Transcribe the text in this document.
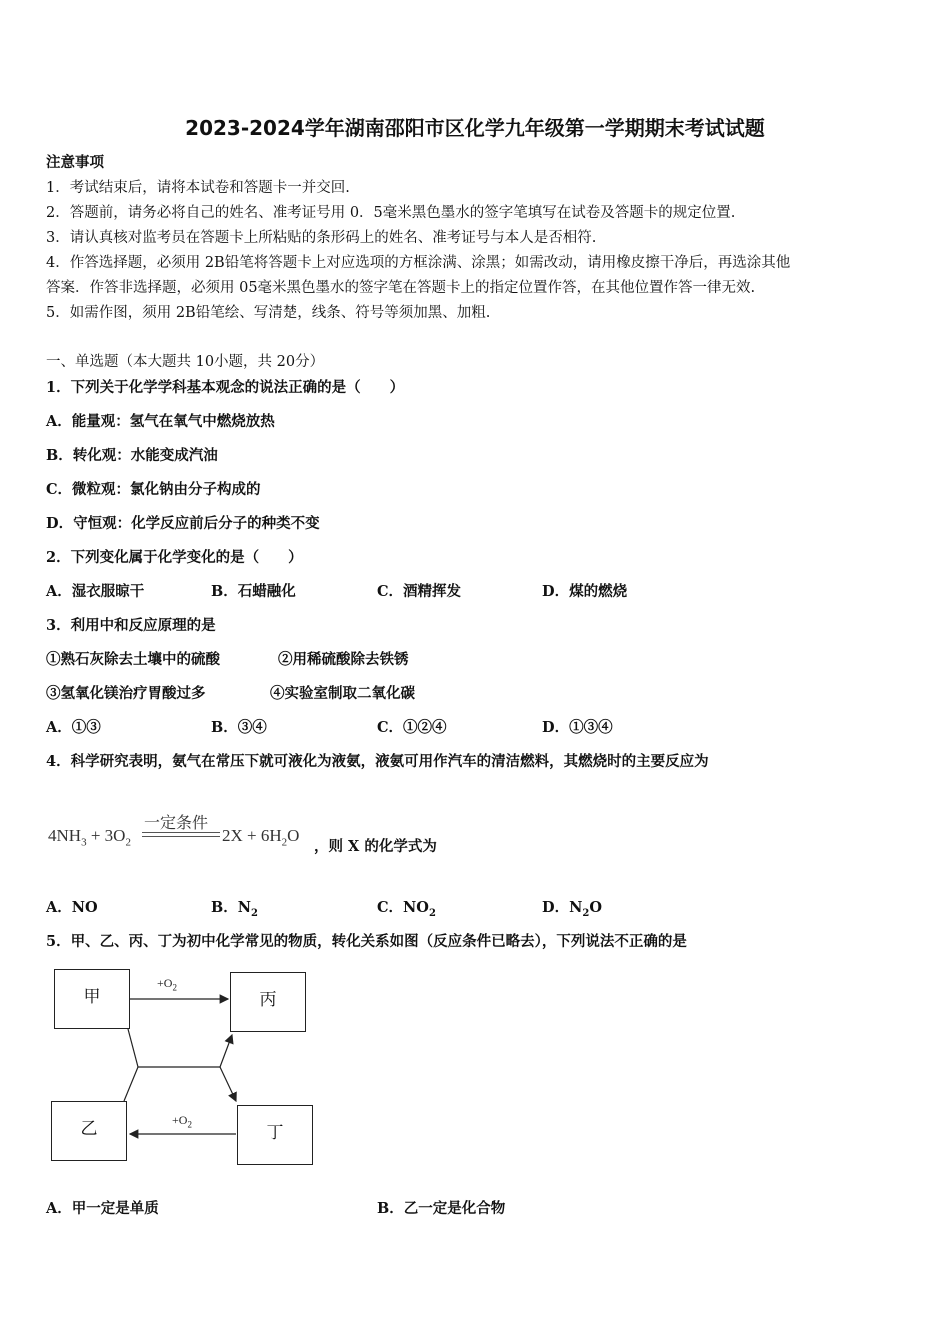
2023-2024学年湖南邵阳市区化学九年级第一学期期末考试试题
注意事项
1．考试结束后，请将本试卷和答题卡一并交回.
2．答题前，请务必将自己的姓名、准考证号用 0．5毫米黑色墨水的签字笔填写在试卷及答题卡的规定位置.
3．请认真核对监考员在答题卡上所粘贴的条形码上的姓名、准考证号与本人是否相符.
4．作答选择题，必须用 2B铅笔将答题卡上对应选项的方框涂满、涂黑；如需改动，请用橡皮擦干净后，再选涂其他
答案．作答非选择题，必须用 05毫米黑色墨水的签字笔在答题卡上的指定位置作答，在其他位置作答一律无效.
5．如需作图，须用 2B铅笔绘、写清楚，线条、符号等须加黑、加粗.
一、单选题（本大题共 10小题，共 20分）
1．下列关于化学学科基本观念的说法正确的是（　　）
A．能量观：氢气在氧气中燃烧放热
B．转化观：水能变成汽油
C．微粒观：氯化钠由分子构成的
D．守恒观：化学反应前后分子的种类不变
2．下列变化属于化学变化的是（　　）
A．湿衣服晾干	B．石蜡融化	C．酒精挥发	D．煤的燃烧
3．利用中和反应原理的是
①熟石灰除去土壤中的硫酸	②用稀硫酸除去铁锈
③氢氧化镁治疗胃酸过多	④实验室制取二氧化碳
A．①③	B．③④	C．①②④	D．①③④
4．科学研究表明，氨气在常压下就可液化为液氨，液氨可用作汽车的清洁燃料，其燃烧时的主要反应为
$4NH_3 + 3O_2$
一定条件
$2X + 6H_2O$
，则 X 的化学式为
A．NO	B．$N_2$	C．$NO_2$	D．$N_2O$
5．甲、乙、丙、丁为初中化学常见的物质，转化关系如图（反应条件已略去），下列说法不正确的是
甲	丙
乙	丁
$+O_2$
$+O_2$
A．甲一定是单质	B．乙一定是化合物
